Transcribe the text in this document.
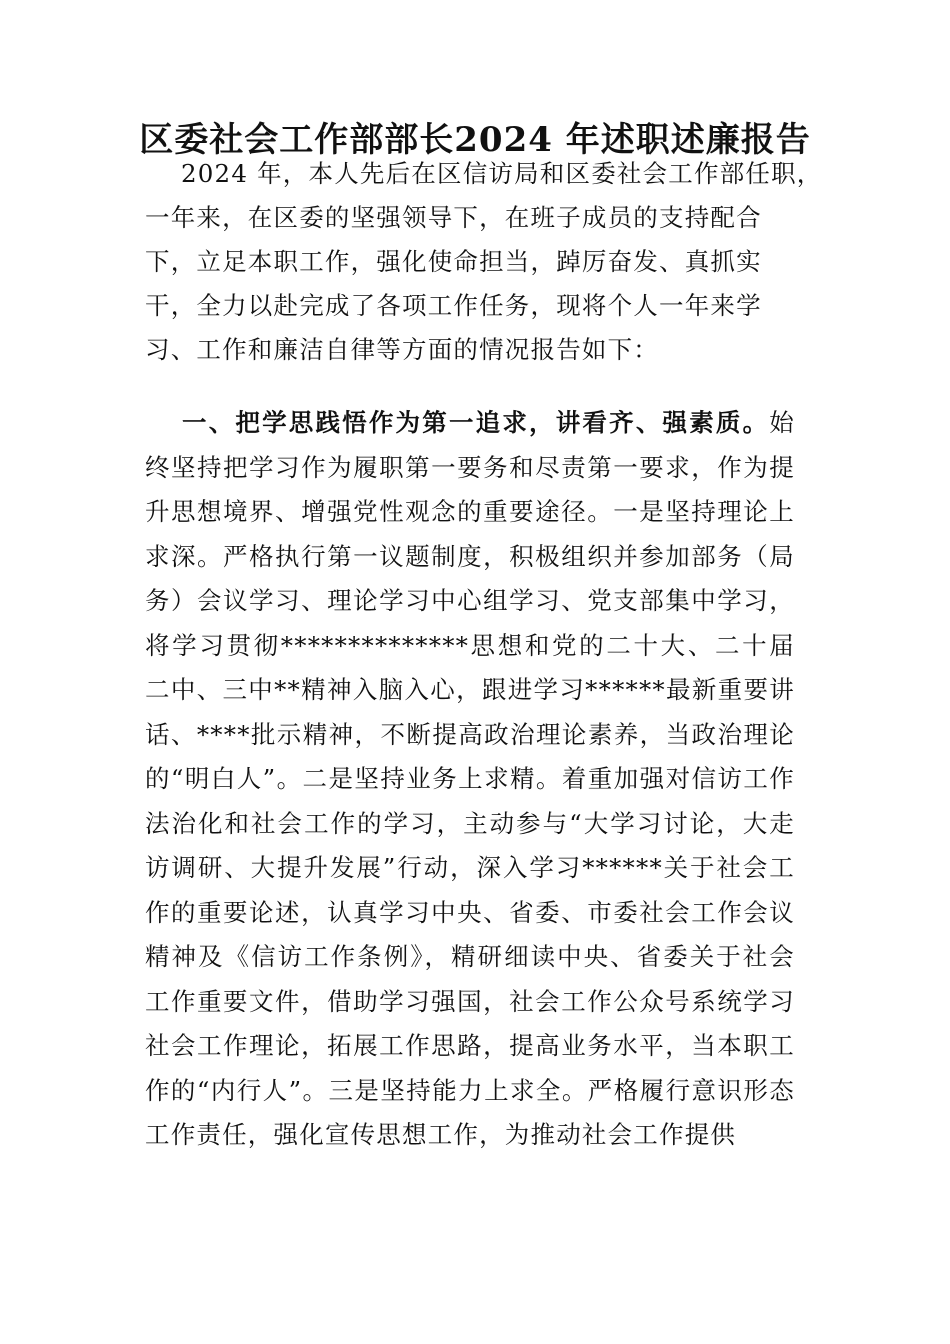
区委社会工作部部长2024 年述职述廉报告
2024 年，本人先后在区信访局和区委社会工作部任职，
一年来，在区委的坚强领导下，在班子成员的支持配合
下，立足本职工作，强化使命担当，踔厉奋发、真抓实
干，全力以赴完成了各项工作任务，现将个人一年来学
习、工作和廉洁自律等方面的情况报告如下：

一、把学思践悟作为第一追求，讲看齐、强素质。始终坚持把学习作为履职第一要务和尽责第一要求，作为提升思想境界、增强党性观念的重要途径。一是坚持理论上求深。严格执行第一议题制度，积极组织并参加部务（局务）会议学习、理论学习中心组学习、党支部集中学习，将学习贯彻**************思想和党的二十大、二十届二中、三中**精神入脑入心，跟进学习******最新重要讲话、****批示精神，不断提高政治理论素养，当政治理论的“明白人”。二是坚持业务上求精。着重加强对信访工作法治化和社会工作的学习，主动参与“大学习讨论，大走访调研、大提升发展”行动，深入学习******关于社会工作的重要论述，认真学习中央、省委、市委社会工作会议精神及《信访工作条例》，精研细读中央、省委关于社会工作重要文件，借助学习强国，社会工作公众号系统学习社会工作理论，拓展工作思路，提高业务水平，当本职工作的“内行人”。三是坚持能力上求全。严格履行意识形态工作责任，强化宣传思想工作，为推动社会工作提供
